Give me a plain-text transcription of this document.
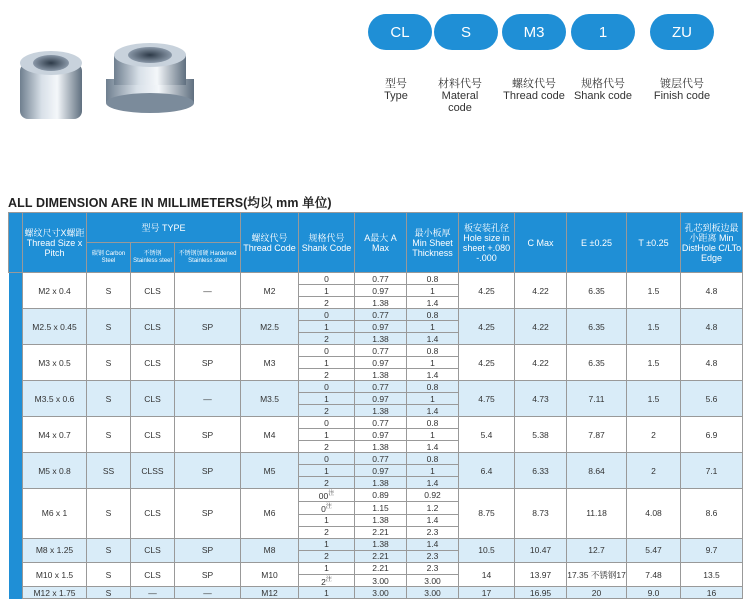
CL	S	M3	1	ZU
型号
Type
材料代号
Materal code
螺纹代号
Thread code
规格代号
Shank code
镀层代号
Finish code
ALL DIMENSION ARE IN MILLIMETERS(均以 mm 单位)
	螺纹尺寸X螺距 Thread Size x Pitch	型号 TYPE			螺纹代号 Thread Code	规格代号 Shank Code	A最大 A Max	最小板厚 Min Sheet Thickness	板安装孔径 Hole size in sheet +.080 -.000	C Max	E ±0.25	T ±0.25	孔芯到板边最小距离 Min DistHole C/LTo Edge

		碳钢 Carbon Steel	不锈钢 Stainless steel	不锈钢加硬 Hardened Stainless steel									

	M2 x 0.4	S	CLS	—	M2	0	0.77	0.8	4.25	4.22	6.35	1.5	4.8
						1	0.97	1					
						2	1.38	1.4					
	M2.5 x 0.45	S	CLS	SP	M2.5	0	0.77	0.8	4.25	4.22	6.35	1.5	4.8
						1	0.97	1					
						2	1.38	1.4					
	M3 x 0.5	S	CLS	SP	M3	0	0.77	0.8	4.25	4.22	6.35	1.5	4.8
						1	0.97	1					
						2	1.38	1.4					
	M3.5 x 0.6	S	CLS	—	M3.5	0	0.77	0.8	4.75	4.73	7.11	1.5	5.6
						1	0.97	1					
						2	1.38	1.4					
	M4 x 0.7	S	CLS	SP	M4	0	0.77	0.8	5.4	5.38	7.87	2	6.9
						1	0.97	1					
						2	1.38	1.4					
	M5 x 0.8	SS	CLSS	SP	M5	0	0.77	0.8	6.4	6.33	8.64	2	7.1
						1	0.97	1					
						2	1.38	1.4					
	M6 x 1	S	CLS	SP	M6	$00^注$	0.89	0.92	8.75	8.73	11.18	4.08	8.6
						$0^注$	1.15	1.2					
						1	1.38	1.4					
						2	2.21	2.3					
	M8 x 1.25	S	CLS	SP	M8	1	1.38	1.4	10.5	10.47	12.7	5.47	9.7
						2	2.21	2.3					
	M10 x 1.5	S	CLS	SP	M10	1	2.21	2.3	14	13.97	17.35 不锈钢17	7.48	13.5
						$2^注$	3.00	3.00					
	M12 x 1.75	S	—	—	M12	1	3.00	3.00	17	16.95	20	9.0	16
